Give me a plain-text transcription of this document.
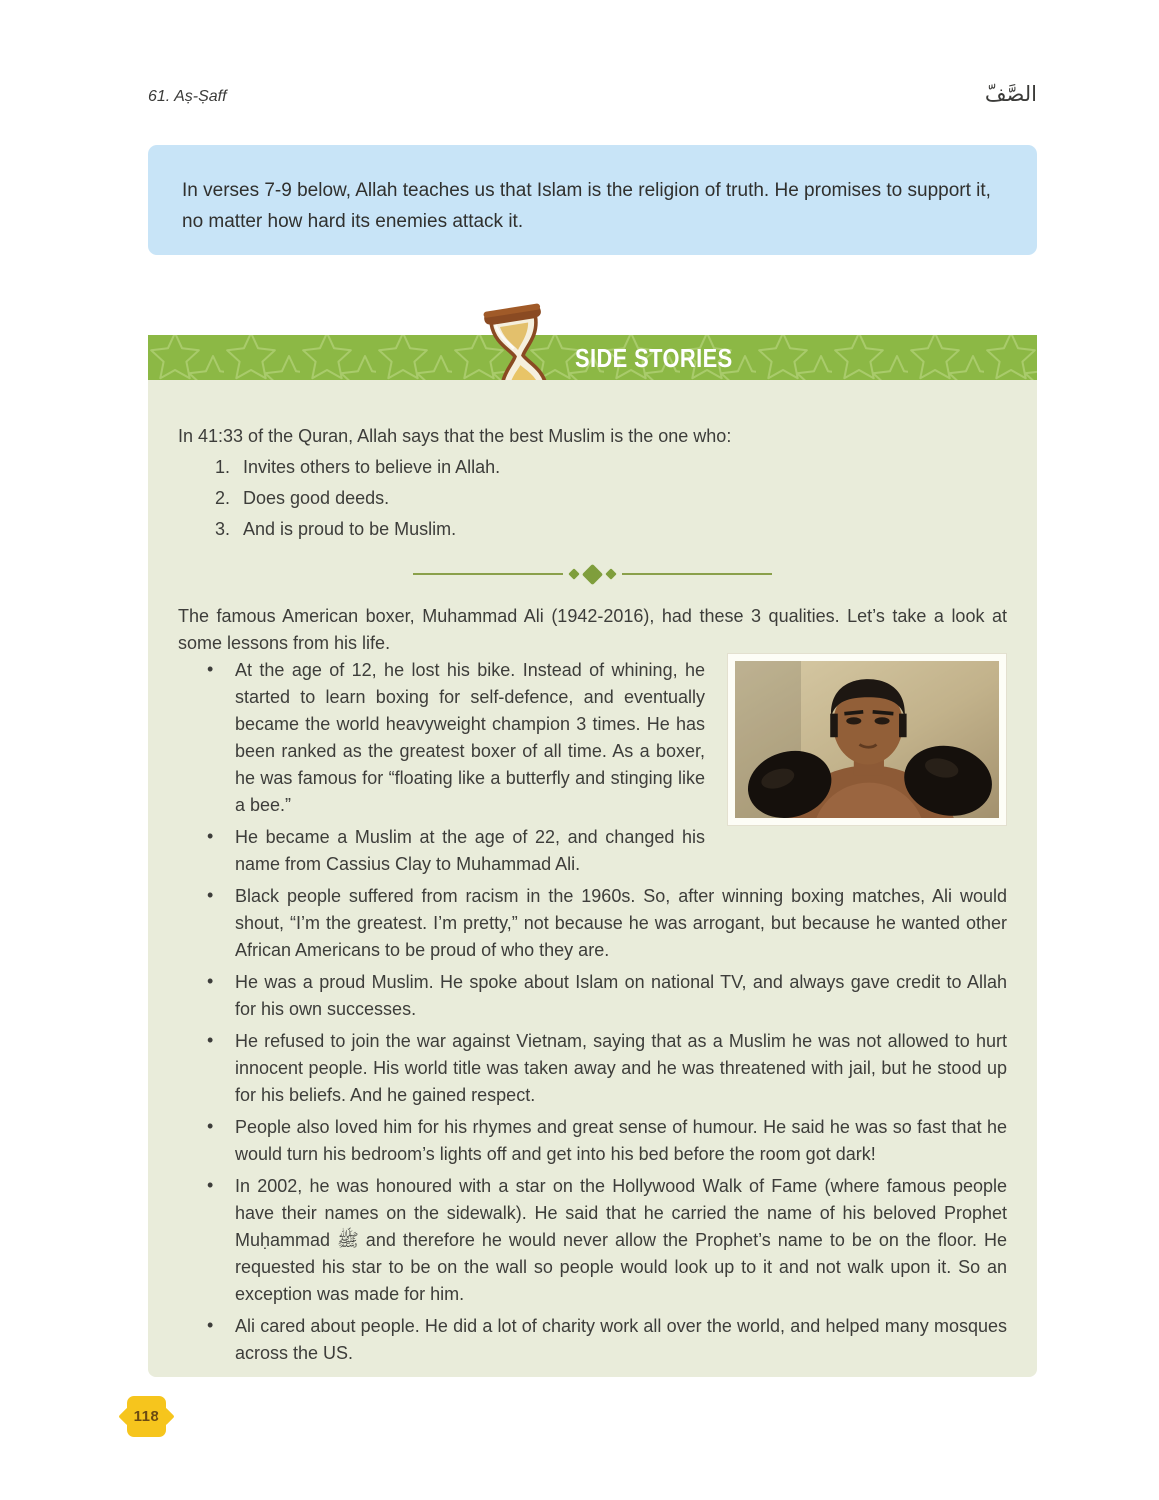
61. Aṣ-Ṣaff	الصَّفّ
In verses 7-9 below, Allah teaches us that Islam is the religion of truth. He promises to support it, no matter how hard its enemies attack it.
SIDE STORIES

In 41:33 of the Quran, Allah says that the best Muslim is the one who:

1. Invites others to believe in Allah.
2. Does good deeds.
3. And is proud to be Muslim.

The famous American boxer, Muhammad Ali (1942-2016), had these 3 qualities. Let’s take a look at some lessons from his life.

• At the age of 12, he lost his bike. Instead of whining, he started to learn boxing for self-defence, and eventually became the world heavyweight champion 3 times. He has been ranked as the greatest boxer of all time. As a boxer, he was famous for “floating like a butterfly and stinging like a bee.”
• He became a Muslim at the age of 22, and changed his name from Cassius Clay to Muhammad Ali.
• Black people suffered from racism in the 1960s. So, after winning boxing matches, Ali would shout, “I’m the greatest. I’m pretty,” not because he was arrogant, but because he wanted other African Americans to be proud of who they are.
• He was a proud Muslim. He spoke about Islam on national TV, and always gave credit to Allah for his own successes.
• He refused to join the war against Vietnam, saying that as a Muslim he was not allowed to hurt innocent people. His world title was taken away and he was threatened with jail, but he stood up for his beliefs. And he gained respect.
• People also loved him for his rhymes and great sense of humour. He said he was so fast that he would turn his bedroom’s lights off and get into his bed before the room got dark!
• In 2002, he was honoured with a star on the Hollywood Walk of Fame (where famous people have their names on the sidewalk). He said that he carried the name of his beloved Prophet Muḥammad ﷺ and therefore he would never allow the Prophet’s name to be on the floor. He requested his star to be on the wall so people would look up to it and not walk upon it. So an exception was made for him.
• Ali cared about people. He did a lot of charity work all over the world, and helped many mosques across the US.
118
